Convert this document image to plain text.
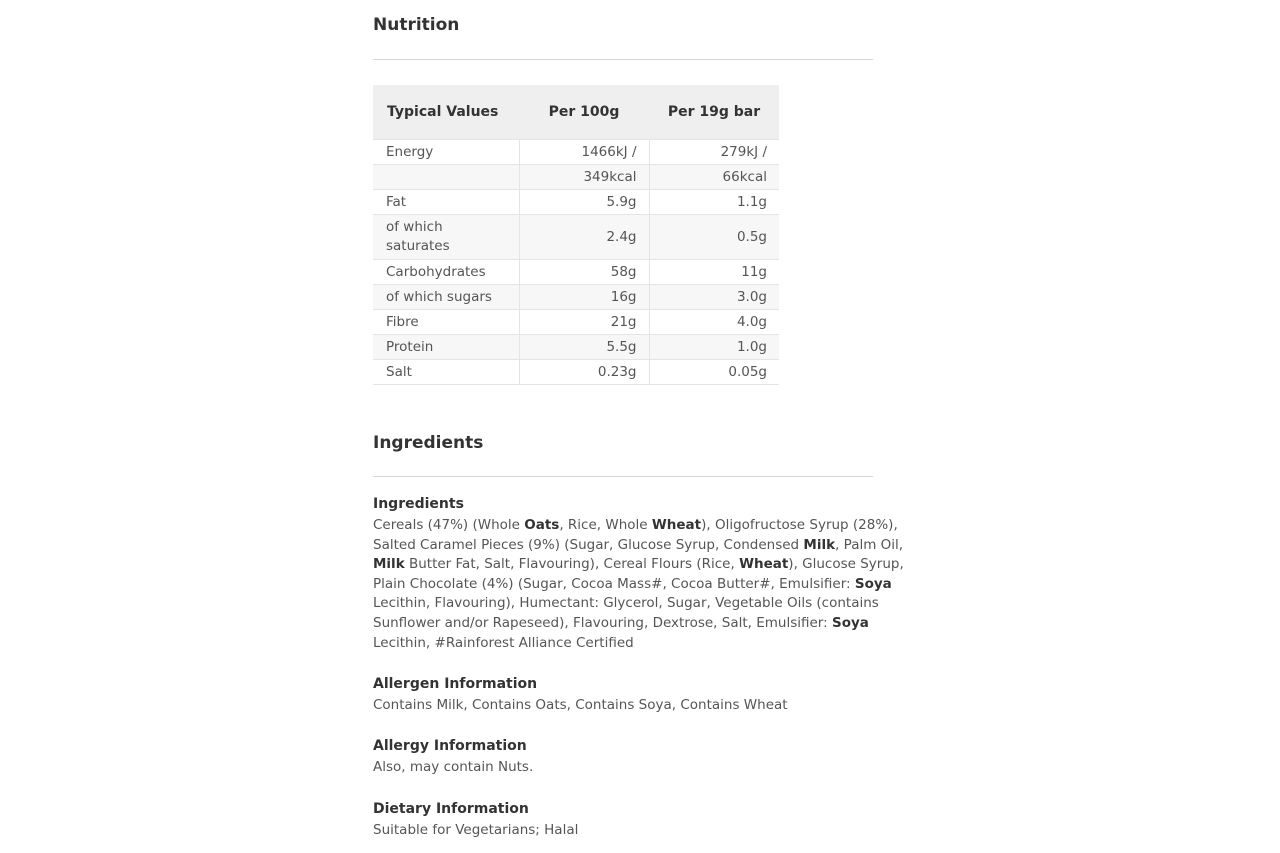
Nutrition
Typical Values	Per 100g	Per 19g bar
Energy	1466kJ /	279kJ /
	349kcal	66kcal
Fat	5.9g	1.1g
of which saturates	2.4g	0.5g
Carbohydrates	58g	11g
of which sugars	16g	3.0g
Fibre	21g	4.0g
Protein	5.5g	1.0g
Salt	0.23g	0.05g
Ingredients
Ingredients

Cereals (47%) (Whole Oats, Rice, Whole Wheat), Oligofructose Syrup (28%), Salted Caramel Pieces (9%) (Sugar, Glucose Syrup, Condensed Milk, Palm Oil, Milk Butter Fat, Salt, Flavouring), Cereal Flours (Rice, Wheat), Glucose Syrup, Plain Chocolate (4%) (Sugar, Cocoa Mass#, Cocoa Butter#, Emulsifier: Soya Lecithin, Flavouring), Humectant: Glycerol, Sugar, Vegetable Oils (contains Sunflower and/or Rapeseed), Flavouring, Dextrose, Salt, Emulsifier: Soya Lecithin, #Rainforest Alliance Certified

Allergen Information

Contains Milk, Contains Oats, Contains Soya, Contains Wheat

Allergy Information

Also, may contain Nuts.

Dietary Information

Suitable for Vegetarians; Halal
